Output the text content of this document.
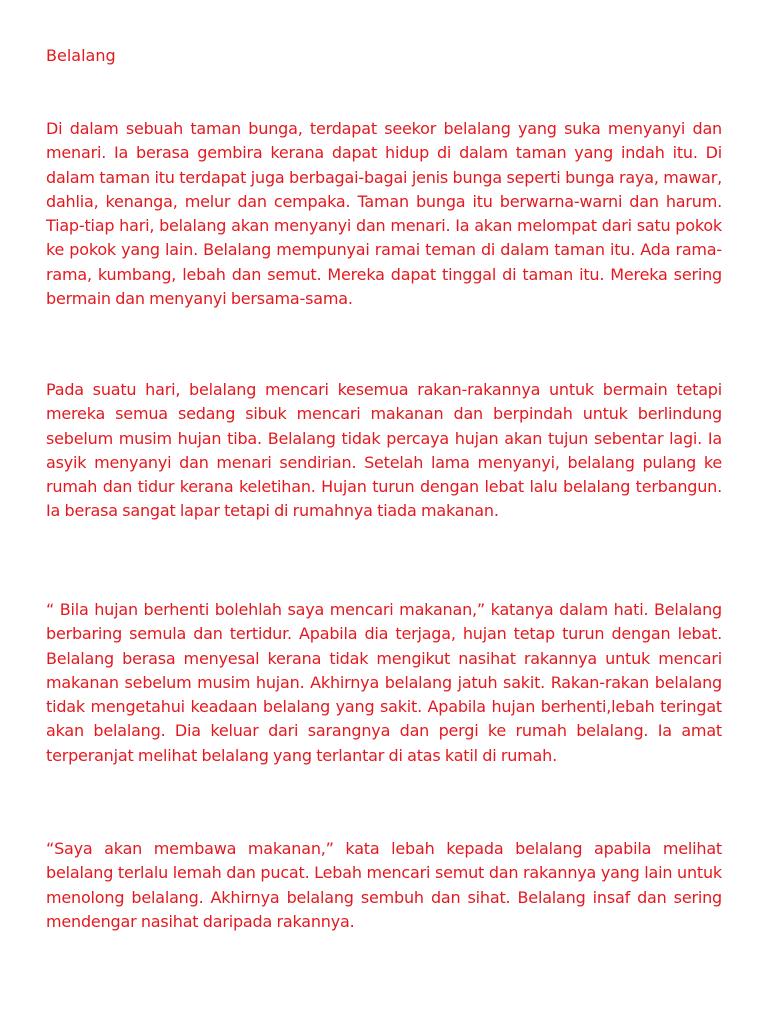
Belalang

Di dalam sebuah taman bunga, terdapat seekor belalang yang suka menyanyi dan menari. Ia berasa gembira kerana dapat hidup di dalam taman yang indah itu. Di dalam taman itu terdapat juga berbagai-bagai jenis bunga seperti bunga raya, mawar, dahlia, kenanga, melur dan cempaka. Taman bunga itu berwarna-warni dan harum. Tiap-tiap hari, belalang akan menyanyi dan menari. Ia akan melompat dari satu pokok ke pokok yang lain. Belalang mempunyai ramai teman di dalam taman itu. Ada rama-rama, kumbang, lebah dan semut. Mereka dapat tinggal di taman itu. Mereka sering bermain dan menyanyi bersama-sama.

Pada suatu hari, belalang mencari kesemua rakan-rakannya untuk bermain tetapi mereka semua sedang sibuk mencari makanan dan berpindah untuk berlindung sebelum musim hujan tiba. Belalang tidak percaya hujan akan tujun sebentar lagi. Ia asyik menyanyi dan menari sendirian. Setelah lama menyanyi, belalang pulang ke rumah dan tidur kerana keletihan. Hujan turun dengan lebat lalu belalang terbangun. Ia berasa sangat lapar tetapi di rumahnya tiada makanan.

“ Bila hujan berhenti bolehlah saya mencari makanan,” katanya dalam hati. Belalang berbaring semula dan tertidur. Apabila dia terjaga, hujan tetap turun dengan lebat. Belalang berasa menyesal kerana tidak mengikut nasihat rakannya untuk mencari makanan sebelum musim hujan. Akhirnya belalang jatuh sakit. Rakan-rakan belalang tidak mengetahui keadaan belalang yang sakit. Apabila hujan berhenti,lebah teringat akan belalang. Dia keluar dari sarangnya dan pergi ke rumah belalang. Ia amat terperanjat melihat belalang yang terlantar di atas katil di rumah.

“Saya akan membawa makanan,” kata lebah kepada belalang apabila melihat belalang terlalu lemah dan pucat. Lebah mencari semut dan rakannya yang lain untuk menolong belalang. Akhirnya belalang sembuh dan sihat. Belalang insaf dan sering mendengar nasihat daripada rakannya.
